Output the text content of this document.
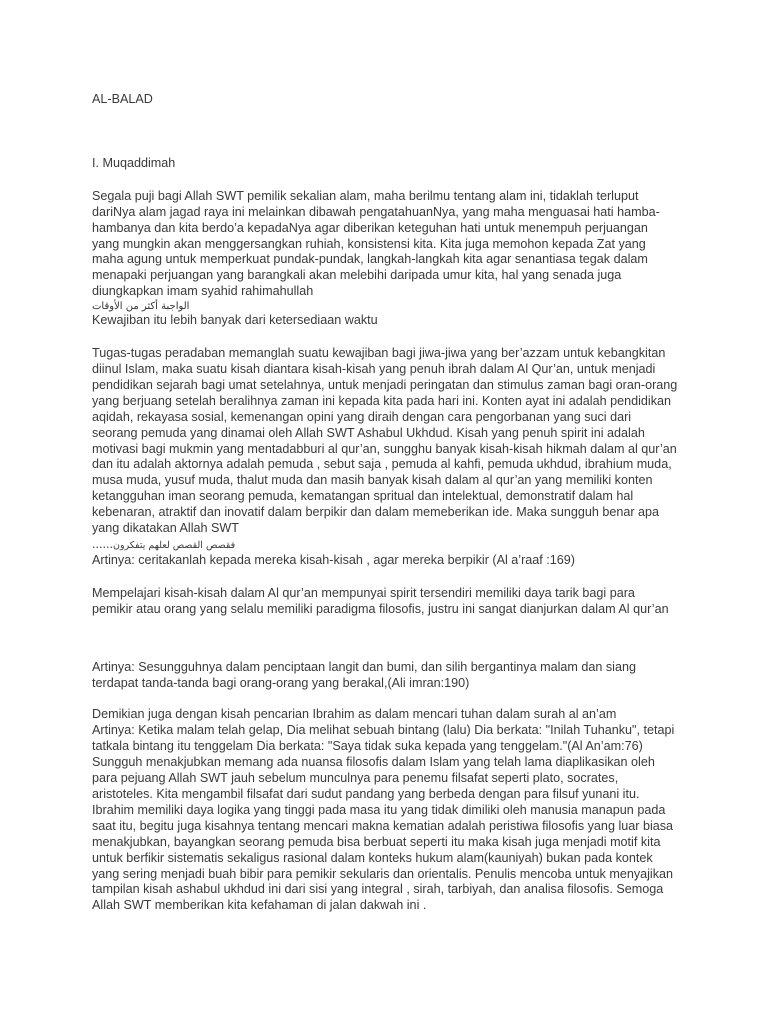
AL-BALAD

I. Muqaddimah

Segala puji bagi Allah SWT pemilik sekalian alam, maha berilmu tentang alam ini, tidaklah terluput dariNya alam jagad raya ini melainkan dibawah pengatahuanNya, yang maha menguasai hati hamba-hambanya dan kita berdo’a kepadaNya agar diberikan keteguhan hati untuk menempuh perjuangan yang mungkin akan menggersangkan ruhiah, konsistensi kita. Kita juga memohon kepada Zat yang maha agung untuk memperkuat pundak-pundak, langkah-langkah kita agar senantiasa tegak dalam menapaki perjuangan yang barangkali akan melebihi daripada umur kita, hal yang senada juga diungkapkan imam syahid rahimahullah

الواجبة أكثر من الأوقات

Kewajiban itu lebih banyak dari ketersediaan waktu

Tugas-tugas peradaban memanglah suatu kewajiban bagi jiwa-jiwa yang ber’azzam untuk kebangkitan diinul Islam, maka suatu kisah diantara kisah-kisah yang penuh ibrah dalam Al Qur’an, untuk menjadi pendidikan sejarah bagi umat setelahnya, untuk menjadi peringatan dan stimulus zaman bagi oran-orang yang berjuang setelah beralihnya zaman ini kepada kita pada hari ini. Konten ayat ini adalah pendidikan aqidah, rekayasa sosial, kemenangan opini yang diraih dengan cara pengorbanan yang suci dari seorang pemuda yang dinamai oleh Allah SWT Ashabul Ukhdud. Kisah yang penuh spirit ini adalah motivasi bagi mukmin yang mentadabburi al qur’an, sungghu banyak kisah-kisah hikmah dalam al qur’an dan itu adalah aktornya adalah pemuda , sebut saja , pemuda al kahfi, pemuda ukhdud, ibrahium muda, musa muda, yusuf muda, thalut muda dan masih banyak kisah dalam al qur’an yang memiliki konten ketangguhan iman seorang pemuda, kematangan spritual dan intelektual, demonstratif dalam hal kebenaran, atraktif dan inovatif dalam berpikir dan dalam memeberikan ide. Maka sungguh benar apa yang dikatakan Allah SWT

......فقصص القصص لعلهم يتفكرون

Artinya: ceritakanlah kepada mereka kisah-kisah , agar mereka berpikir (Al a’raaf :169)

Mempelajari kisah-kisah dalam Al qur’an mempunyai spirit tersendiri memiliki daya tarik bagi para pemikir atau orang yang selalu memiliki paradigma filosofis, justru ini sangat dianjurkan dalam Al qur’an

Artinya: Sesungguhnya dalam penciptaan langit dan bumi, dan silih bergantinya malam dan siang terdapat tanda-tanda bagi orang-orang yang berakal,(Ali imran:190)

Demikian juga dengan kisah pencarian Ibrahim as dalam mencari tuhan dalam surah al an’am

Artinya: Ketika malam telah gelap, Dia melihat sebuah bintang (lalu) Dia berkata: "Inilah Tuhanku", tetapi tatkala bintang itu tenggelam Dia berkata: "Saya tidak suka kepada yang tenggelam."(Al An’am:76)

Sungguh menakjubkan memang ada nuansa filosofis dalam Islam yang telah lama diaplikasikan oleh para pejuang Allah SWT jauh sebelum munculnya para penemu filsafat seperti plato, socrates, aristoteles. Kita mengambil filsafat dari sudut pandang yang berbeda dengan para filsuf yunani itu. Ibrahim memiliki daya logika yang tinggi pada masa itu yang tidak dimiliki oleh manusia manapun pada saat itu, begitu juga kisahnya tentang mencari makna kematian adalah peristiwa filosofis yang luar biasa menakjubkan, bayangkan seorang pemuda bisa berbuat seperti itu maka kisah juga menjadi motif kita untuk berfikir sistematis sekaligus rasional dalam konteks hukum alam(kauniyah) bukan pada kontek yang sering menjadi buah bibir para pemikir sekularis dan orientalis. Penulis mencoba untuk menyajikan tampilan kisah ashabul ukhdud ini dari sisi yang integral , sirah, tarbiyah, dan analisa filosofis. Semoga Allah SWT memberikan kita kefahaman di jalan dakwah ini .
